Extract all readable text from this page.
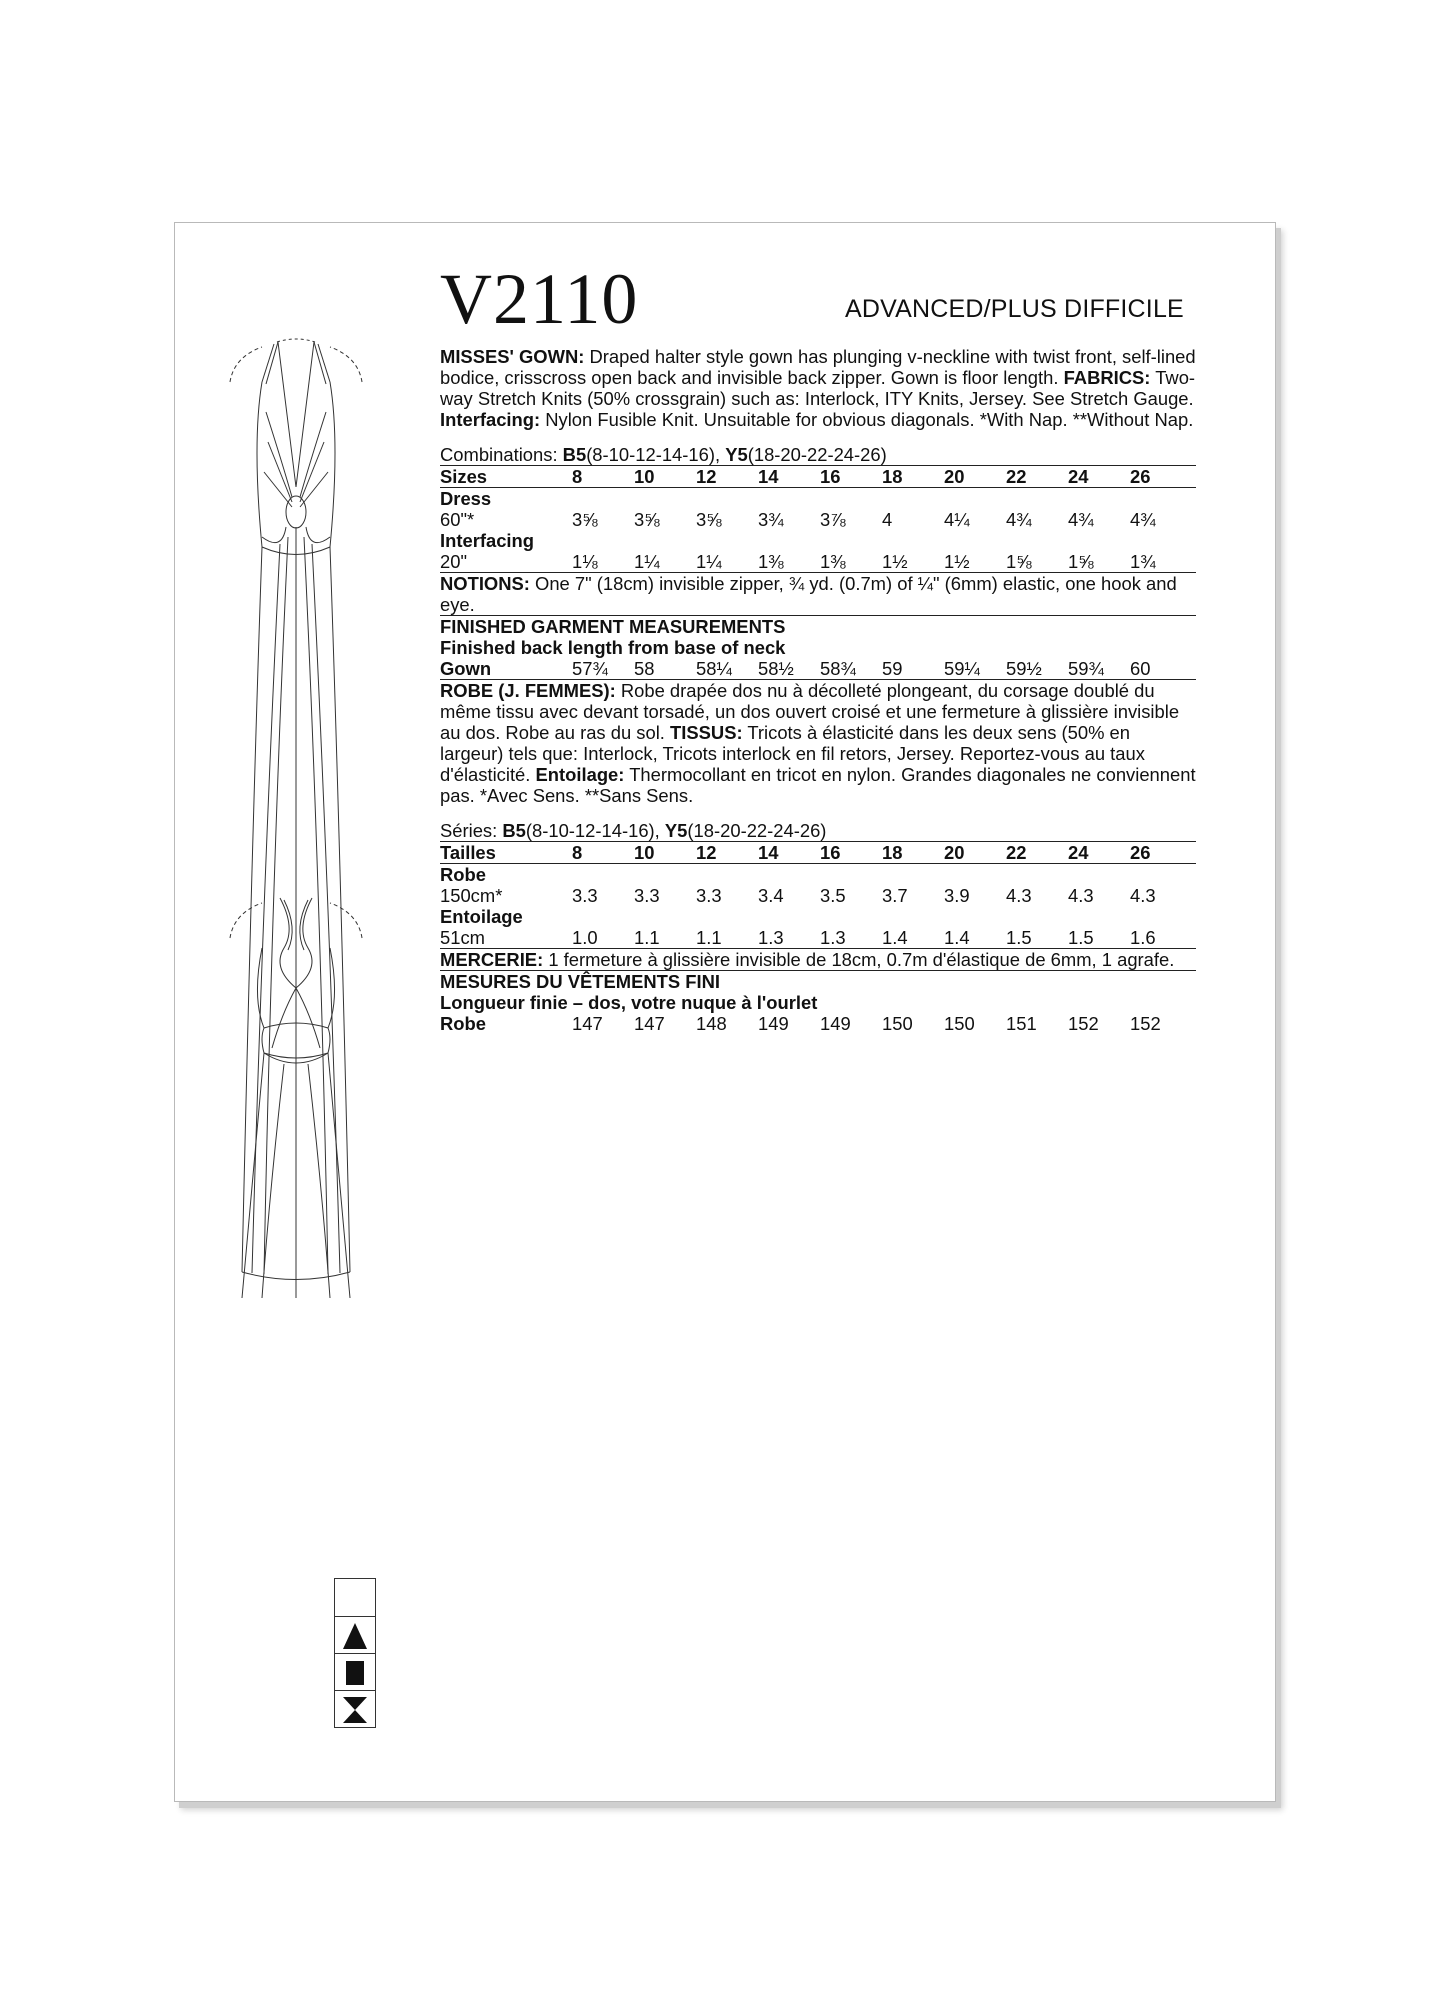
V2110	ADVANCED/PLUS DIFFICILE

MISSES' GOWN: Draped halter style gown has plunging v-neckline with twist front, self-lined bodice, crisscross open back and invisible back zipper. Gown is floor length. FABRICS: Two-way Stretch Knits (50% crossgrain) such as: Interlock, ITY Knits, Jersey. See Stretch Gauge. Interfacing: Nylon Fusible Knit. Unsuitable for obvious diagonals. *With Nap. **Without Nap.

Combinations: B5(8-10-12-14-16), Y5(18-20-22-24-26)
Sizes	8	10	12	14	16	18	20	22	24	26
Dress
60"*	3⅝	3⅝	3⅝	3¾	3⅞	4	4¼	4¾	4¾	4¾
Interfacing
20"	1⅛	1¼	1¼	1⅜	1⅜	1½	1½	1⅝	1⅝	1¾
NOTIONS: One 7" (18cm) invisible zipper, ¾ yd. (0.7m) of ¼" (6mm) elastic, one hook and eye.
FINISHED GARMENT MEASUREMENTS
Finished back length from base of neck
Gown	57¾	58	58¼	58½	58¾	59	59¼	59½	59¾	60

ROBE (J. FEMMES): Robe drapée dos nu à décolleté plongeant, du corsage doublé du même tissu avec devant torsadé, un dos ouvert croisé et une fermeture à glissière invisible au dos. Robe au ras du sol. TISSUS: Tricots à élasticité dans les deux sens (50% en largeur) tels que: Interlock, Tricots interlock en fil retors, Jersey. Reportez-vous au taux d'élasticité. Entoilage: Thermocollant en tricot en nylon. Grandes diagonales ne conviennent pas. *Avec Sens. **Sans Sens.

Séries: B5(8-10-12-14-16), Y5(18-20-22-24-26)
Tailles	8	10	12	14	16	18	20	22	24	26
Robe
150cm*	3.3	3.3	3.3	3.4	3.5	3.7	3.9	4.3	4.3	4.3
Entoilage
51cm	1.0	1.1	1.1	1.3	1.3	1.4	1.4	1.5	1.5	1.6
MERCERIE: 1 fermeture à glissière invisible de 18cm, 0.7m d'élastique de 6mm, 1 agrafe.
MESURES DU VÊTEMENTS FINI
Longueur finie – dos, votre nuque à l'ourlet
Robe	147	147	148	149	149	150	150	151	152	152
